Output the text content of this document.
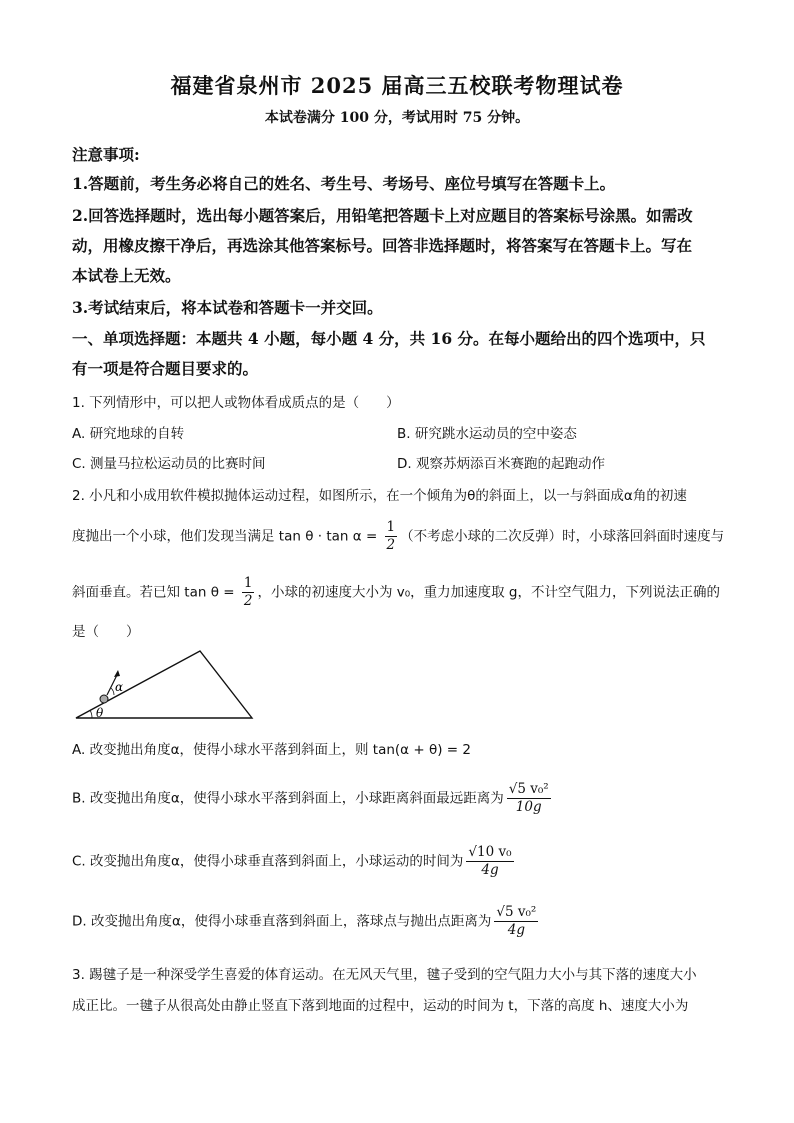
福建省泉州市 2025 届高三五校联考物理试卷
本试卷满分 100 分，考试用时 75 分钟。
注意事项:
1.答题前，考生务必将自己的姓名、考生号、考场号、座位号填写在答题卡上。
2.回答选择题时，选出每小题答案后，用铅笔把答题卡上对应题目的答案标号涂黑。如需改
动，用橡皮擦干净后，再选涂其他答案标号。回答非选择题时，将答案写在答题卡上。写在
本试卷上无效。
3.考试结束后，将本试卷和答题卡一并交回。
一、单项选择题：本题共 4 小题，每小题 4 分，共 16 分。在每小题给出的四个选项中，只
有一项是符合题目要求的。
1. 下列情形中，可以把人或物体看成质点的是（　　）
A. 研究地球的自转	B. 研究跳水运动员的空中姿态
C. 测量马拉松运动员的比赛时间	D. 观察苏炳添百米赛跑的起跑动作
2. 小凡和小成用软件模拟抛体运动过程，如图所示，在一个倾角为θ的斜面上，以一与斜面成α角的初速
度抛出一个小球，他们发现当满足 $\tan \theta \cdot \tan \alpha = \frac{1}{2}$ （不考虑小球的二次反弹）时，小球落回斜面时速度与
斜面垂直。若已知 $\tan \theta = \frac{1}{2}$ ，小球的初速度大小为 v₀，重力加速度取 g，不计空气阻力，下列说法正确的
是（　　）
α
θ
A. 改变抛出角度α，使得小球水平落到斜面上，则 tan(α + θ) = 2
B. 改变抛出角度α，使得小球水平落到斜面上，小球距离斜面最远距离为 $\frac{\text{√5 v₀²}}{10g}$
C. 改变抛出角度α，使得小球垂直落到斜面上，小球运动的时间为 $\frac{\text{√10 v₀}}{4g}$
D. 改变抛出角度α，使得小球垂直落到斜面上，落球点与抛出点距离为 $\frac{\text{√5 v₀²}}{4g}$
3. 踢毽子是一种深受学生喜爱的体育运动。在无风天气里，毽子受到的空气阻力大小与其下落的速度大小
成正比。一毽子从很高处由静止竖直下落到地面的过程中，运动的时间为 t，下落的高度 h、速度大小为
